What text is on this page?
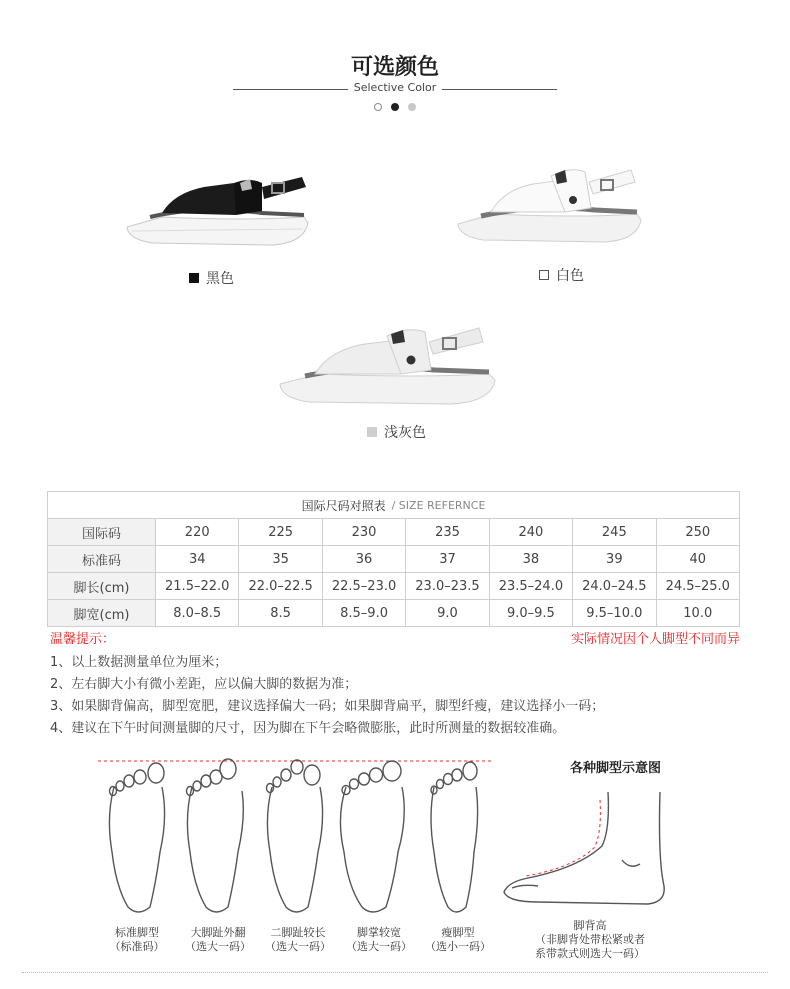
可选颜色
Selective Color

黑色	白色
浅灰色
国际尺码对照表 / SIZE REFERNCE
国际码	220	225	230	235	240	245	250
标准码	34	35	36	37	38	39	40
脚长(cm)	21.5–22.0	22.0–22.5	22.5–23.0	23.0–23.5	23.5–24.0	24.0–24.5	24.5–25.0
脚宽(cm)	8.0–8.5	8.5	8.5–9.0	9.0	9.0–9.5	9.5–10.0	10.0
温馨提示：	实际情况因个人脚型不同而异
1、以上数据测量单位为厘米；
2、左右脚大小有微小差距，应以偏大脚的数据为准；
3、如果脚背偏高，脚型宽肥，建议选择偏大一码；如果脚背扁平，脚型纤瘦，建议选择小一码；
4、建议在下午时间测量脚的尺寸，因为脚在下午会略微膨胀，此时所测量的数据较准确。
标准脚型
（标准码）
大脚趾外翻
（选大一码）
二脚趾较长
（选大一码）
脚掌较宽
（选大一码）
瘦脚型
（选小一码）
各种脚型示意图
脚背高
（非脚背处带松紧或者
系带款式则选大一码）
